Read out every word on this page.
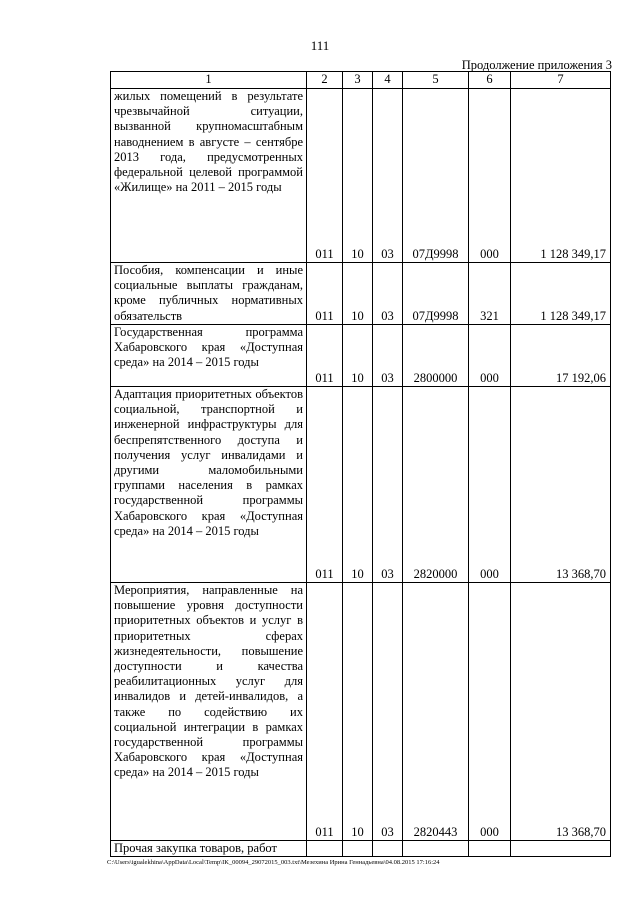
111
Продолжение приложения 3
1	2	3	4	5	6	7
жилых помещений в результате чрезвычайной ситуации, вызванной крупномасштабным наводнением в августе – сентябре 2013 года, предусмотренных федеральной целевой программой «Жилище» на 2011 – 2015 годы	011	10	03	07Д9998	000	1 128 349,17
Пособия, компенсации и иные социальные выплаты гражданам, кроме публичных нормативных обязательств	011	10	03	07Д9998	321	1 128 349,17
Государственная программа Хабаровского края «Доступная среда» на 2014 – 2015 годы	011	10	03	2800000	000	17 192,06
Адаптация приоритетных объектов социальной, транспортной и инженерной инфраструктуры для беспрепятственного доступа и получения услуг инвалидами и другими маломобильными группами населения в рамках государственной программы Хабаровского края «Доступная среда» на 2014 – 2015 годы	011	10	03	2820000	000	13 368,70
Мероприятия, направленные на повышение уровня доступности приоритетных объектов и услуг в приоритетных сферах жизнедеятельности, повышение доступности и качества реабилитационных услуг для инвалидов и детей-инвалидов, а также по содействию их социальной интеграции в рамках государственной программы Хабаровского края «Доступная среда» на 2014 – 2015 годы	011	10	03	2820443	000	13 368,70
Прочая закупка товаров, работ						
C:\Users\igualekhina\AppData\Local\Temp\IK_00094_29072015_003.txt\Мезехина Ирина Геннадьевна\04.08.2015 17:16:24
